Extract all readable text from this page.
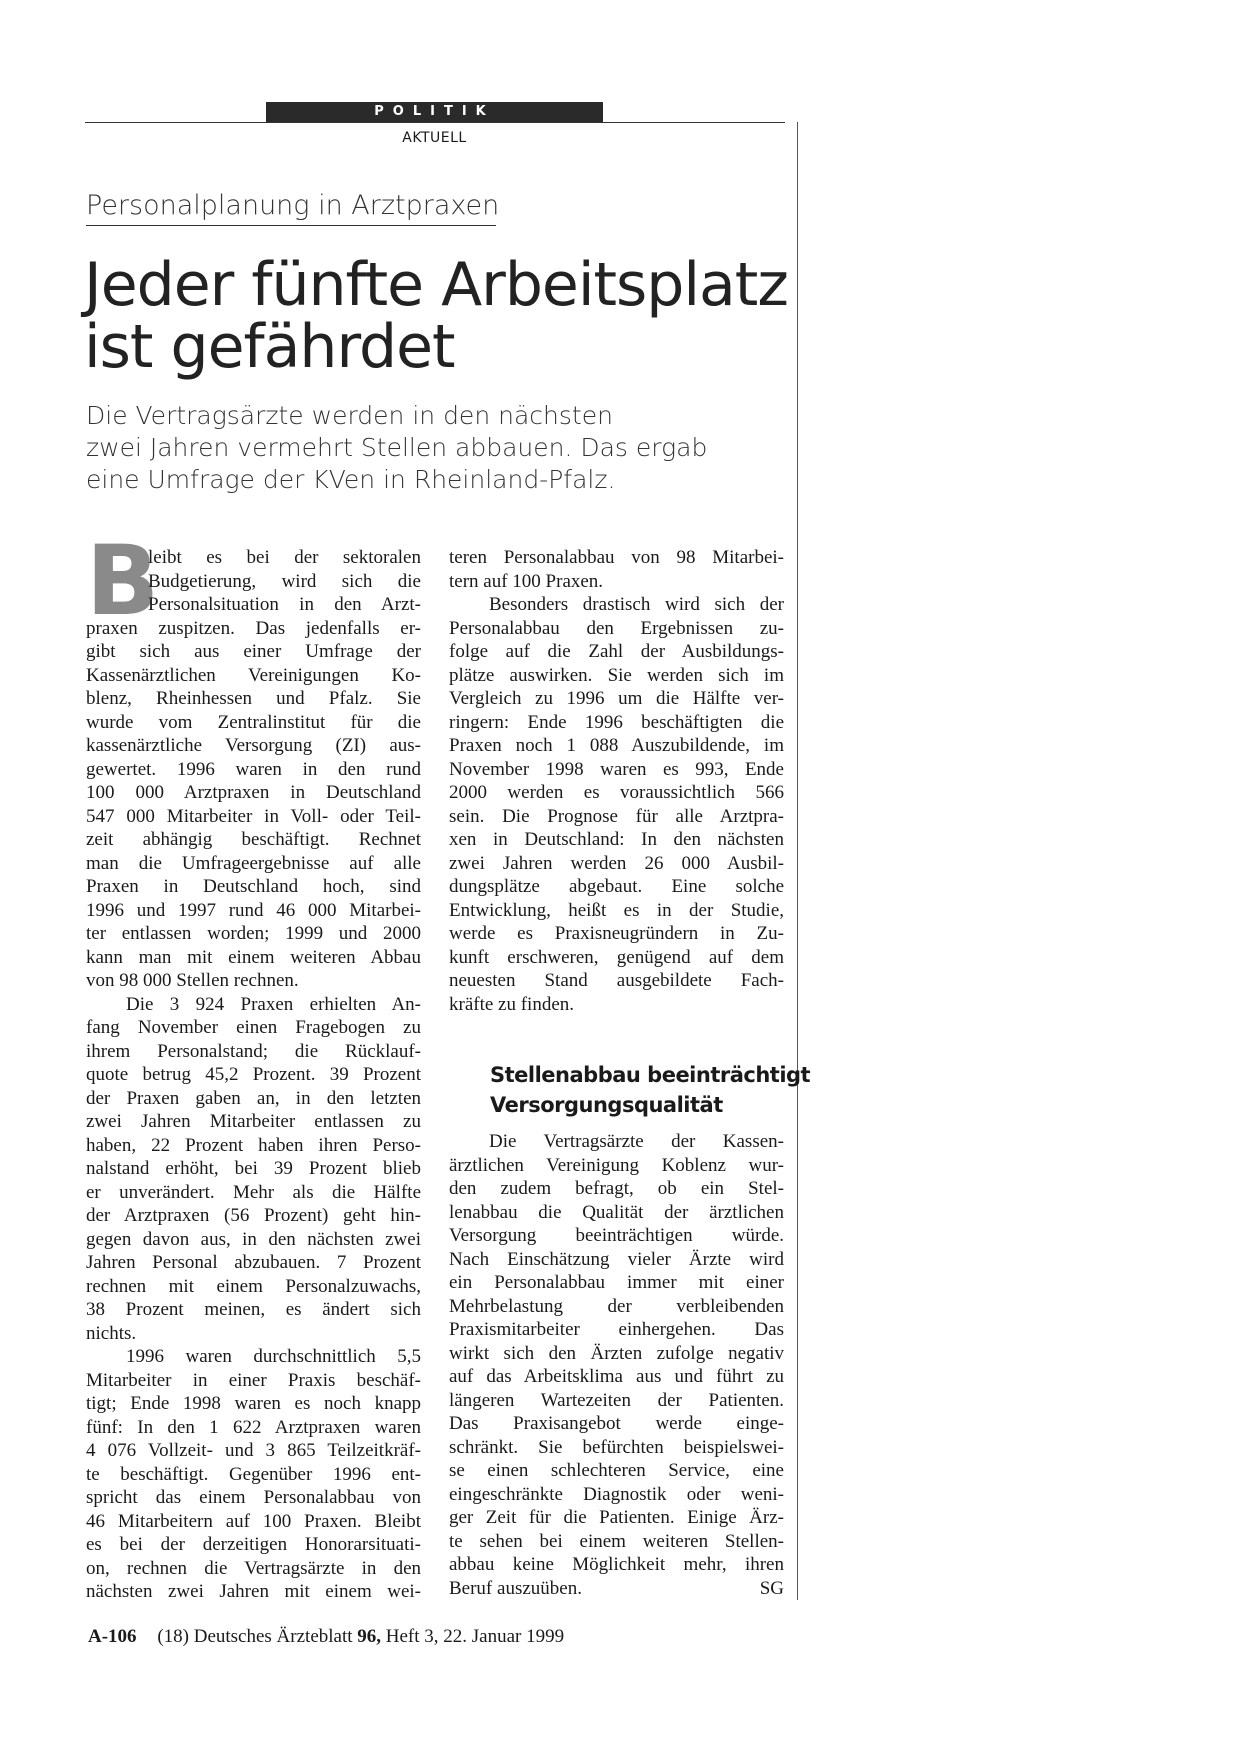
POLITIK
AKTUELL
Personalplanung in Arztpraxen
Jeder fünfte Arbeitsplatz
ist gefährdet
Die Vertragsärzte werden in den nächsten
zwei Jahren vermehrt Stellen abbauen. Das ergab
eine Umfrage der KVen in Rheinland-Pfalz.
B
leibt es bei der sektoralen
Budgetierung, wird sich die
Personalsituation in den Arzt-
praxen zuspitzen. Das jedenfalls er-
gibt sich aus einer Umfrage der
Kassenärztlichen Vereinigungen Ko-
blenz, Rheinhessen und Pfalz. Sie
wurde vom Zentralinstitut für die
kassenärztliche Versorgung (ZI) aus-
gewertet. 1996 waren in den rund
100 000 Arztpraxen in Deutschland
547 000 Mitarbeiter in Voll- oder Teil-
zeit abhängig beschäftigt. Rechnet
man die Umfrageergebnisse auf alle
Praxen in Deutschland hoch, sind
1996 und 1997 rund 46 000 Mitarbei-
ter entlassen worden; 1999 und 2000
kann man mit einem weiteren Abbau
von 98 000 Stellen rechnen.
Die 3 924 Praxen erhielten An-
fang November einen Fragebogen zu
ihrem Personalstand; die Rücklauf-
quote betrug 45,2 Prozent. 39 Prozent
der Praxen gaben an, in den letzten
zwei Jahren Mitarbeiter entlassen zu
haben, 22 Prozent haben ihren Perso-
nalstand erhöht, bei 39 Prozent blieb
er unverändert. Mehr als die Hälfte
der Arztpraxen (56 Prozent) geht hin-
gegen davon aus, in den nächsten zwei
Jahren Personal abzubauen. 7 Prozent
rechnen mit einem Personalzuwachs,
38 Prozent meinen, es ändert sich
nichts.
1996 waren durchschnittlich 5,5
Mitarbeiter in einer Praxis beschäf-
tigt; Ende 1998 waren es noch knapp
fünf: In den 1 622 Arztpraxen waren
4 076 Vollzeit- und 3 865 Teilzeitkräf-
te beschäftigt. Gegenüber 1996 ent-
spricht das einem Personalabbau von
46 Mitarbeitern auf 100 Praxen. Bleibt
es bei der derzeitigen Honorarsituati-
on, rechnen die Vertragsärzte in den
nächsten zwei Jahren mit einem wei-
teren Personalabbau von 98 Mitarbei-
tern auf 100 Praxen.
Besonders drastisch wird sich der
Personalabbau den Ergebnissen zu-
folge auf die Zahl der Ausbildungs-
plätze auswirken. Sie werden sich im
Vergleich zu 1996 um die Hälfte ver-
ringern: Ende 1996 beschäftigten die
Praxen noch 1 088 Auszubildende, im
November 1998 waren es 993, Ende
2000 werden es voraussichtlich 566
sein. Die Prognose für alle Arztpra-
xen in Deutschland: In den nächsten
zwei Jahren werden 26 000 Ausbil-
dungsplätze abgebaut. Eine solche
Entwicklung, heißt es in der Studie,
werde es Praxisneugründern in Zu-
kunft erschweren, genügend auf dem
neuesten Stand ausgebildete Fach-
kräfte zu finden.
Stellenabbau beeinträchtigt
Versorgungsqualität
Die Vertragsärzte der Kassen-
ärztlichen Vereinigung Koblenz wur-
den zudem befragt, ob ein Stel-
lenabbau die Qualität der ärztlichen
Versorgung beeinträchtigen würde.
Nach Einschätzung vieler Ärzte wird
ein Personalabbau immer mit einer
Mehrbelastung der verbleibenden
Praxismitarbeiter einhergehen. Das
wirkt sich den Ärzten zufolge negativ
auf das Arbeitsklima aus und führt zu
längeren Wartezeiten der Patienten.
Das Praxisangebot werde einge-
schränkt. Sie befürchten beispielswei-
se einen schlechteren Service, eine
eingeschränkte Diagnostik oder weni-
ger Zeit für die Patienten. Einige Ärz-
te sehen bei einem weiteren Stellen-
abbau keine Möglichkeit mehr, ihren
Beruf auszuüben.	SG
A-106 (18) Deutsches Ärzteblatt 96, Heft 3, 22. Januar 1999
